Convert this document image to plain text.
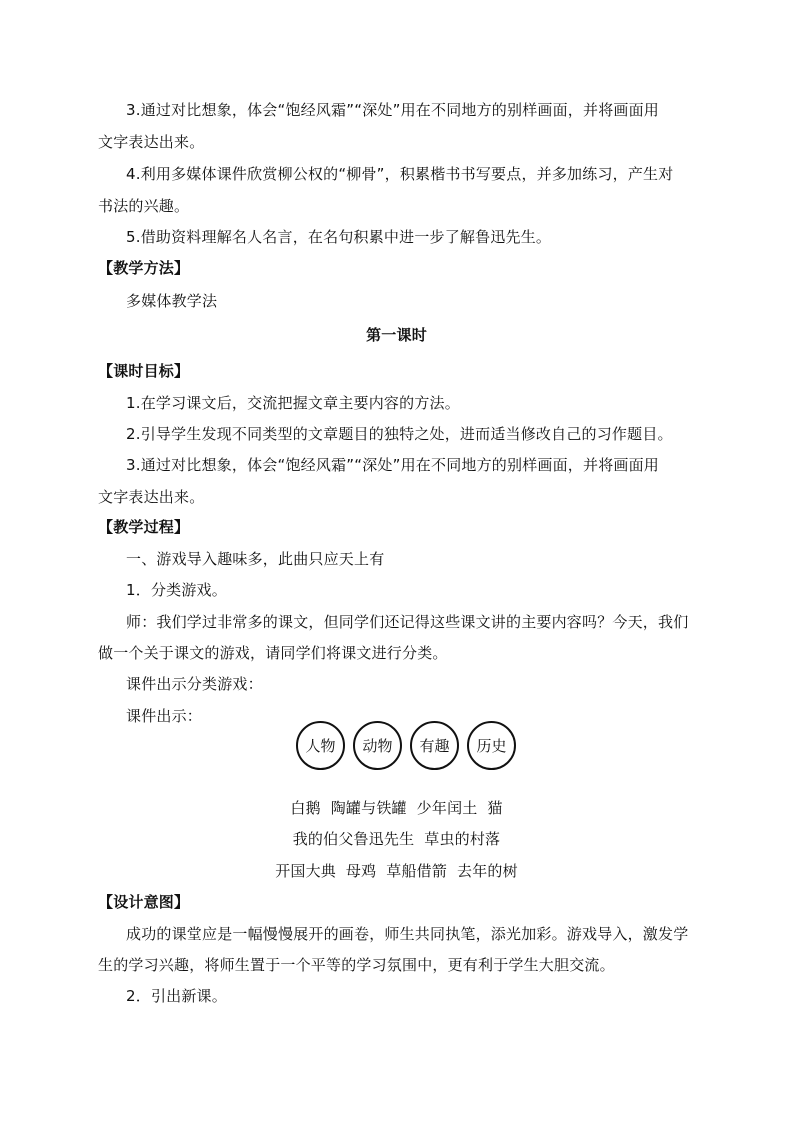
3.通过对比想象，体会“饱经风霜”“深处”用在不同地方的别样画面，并将画面用
文字表达出来。
4.利用多媒体课件欣赏柳公权的“柳骨”，积累楷书书写要点，并多加练习，产生对
书法的兴趣。
5.借助资料理解名人名言，在名句积累中进一步了解鲁迅先生。
【教学方法】
多媒体教学法
第一课时
【课时目标】
1.在学习课文后，交流把握文章主要内容的方法。
2.引导学生发现不同类型的文章题目的独特之处，进而适当修改自己的习作题目。
3.通过对比想象，体会“饱经风霜”“深处”用在不同地方的别样画面，并将画面用
文字表达出来。
【教学过程】
一、游戏导入趣味多，此曲只应天上有
1．分类游戏。
师：我们学过非常多的课文，但同学们还记得这些课文讲的主要内容吗？今天，我们
做一个关于课文的游戏，请同学们将课文进行分类。
课件出示分类游戏：
课件出示：
人物	动物	有趣	历史
白鹅  陶罐与铁罐  少年闰土  猫
我的伯父鲁迅先生  草虫的村落
开国大典  母鸡  草船借箭  去年的树
【设计意图】
成功的课堂应是一幅慢慢展开的画卷，师生共同执笔，添光加彩。游戏导入，激发学
生的学习兴趣，将师生置于一个平等的学习氛围中，更有利于学生大胆交流。
2．引出新课。
